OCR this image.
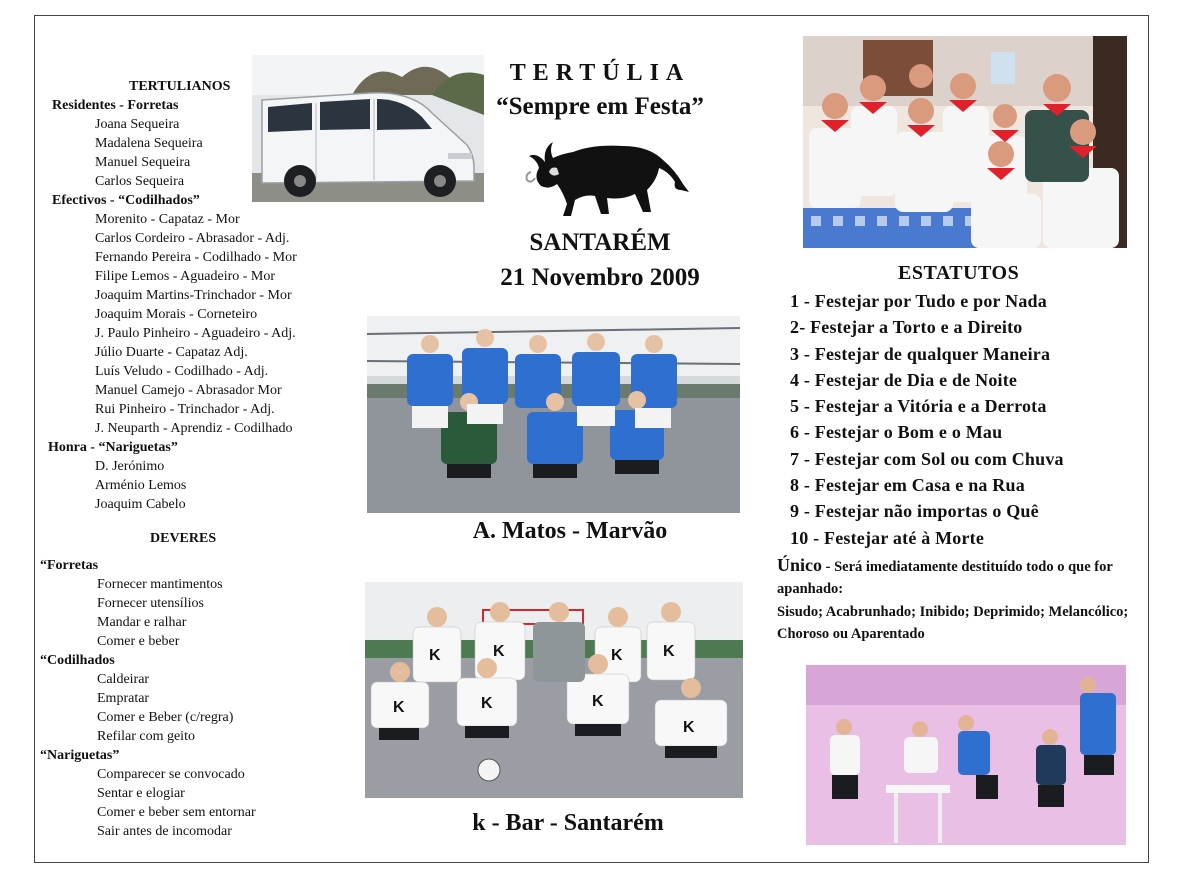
TERTULIANOS
Residentes - Forretas
Joana Sequeira
Madalena Sequeira
Manuel Sequeira
Carlos Sequeira
Efectivos - “Codilhados”
Morenito - Capataz - Mor
Carlos Cordeiro - Abrasador - Adj.
Fernando Pereira - Codilhado - Mor
Filipe Lemos - Aguadeiro - Mor
Joaquim Martins-Trinchador - Mor
Joaquim Morais - Corneteiro
J. Paulo Pinheiro - Aguadeiro - Adj.
Júlio Duarte - Capataz Adj.
Luís Veludo - Codilhado - Adj.
Manuel Camejo - Abrasador Mor
Rui Pinheiro - Trinchador - Adj.
J. Neuparth - Aprendiz - Codilhado
Honra - “Nariguetas”
D. Jerónimo
Arménio Lemos
Joaquim Cabelo
DEVERES
“Forretas
Fornecer mantimentos
Fornecer utensílios
Mandar e ralhar
Comer e beber
“Codilhados
Caldeirar
Empratar
Comer e Beber (c/regra)
Refilar com geito
“Nariguetas”
Comparecer se convocado
Sentar e elogiar
Comer e beber sem entornar
Sair antes de incomodar
TERTÚLIA
“Sempre em Festa”
SANTARÉM
21 Novembro 2009
A. Matos - Marvão
K	K	K	K
K	K	K
K
k - Bar - Santarém
ESTATUTOS
1 - Festejar por Tudo e por Nada
2- Festejar a Torto e a Direito
3 - Festejar de qualquer Maneira
4 - Festejar de Dia e de Noite
5 - Festejar a Vitória e a Derrota
6 - Festejar o Bom e o Mau
7 - Festejar com Sol ou com Chuva
8 - Festejar em Casa e na Rua
9 - Festejar não importas o Quê
10 - Festejar até à Morte
Único - Será imediatamente destituído todo o que for apanhado:
Sisudo; Acabrunhado; Inibido; Deprimido; Melancólico; Choroso ou Aparentado
